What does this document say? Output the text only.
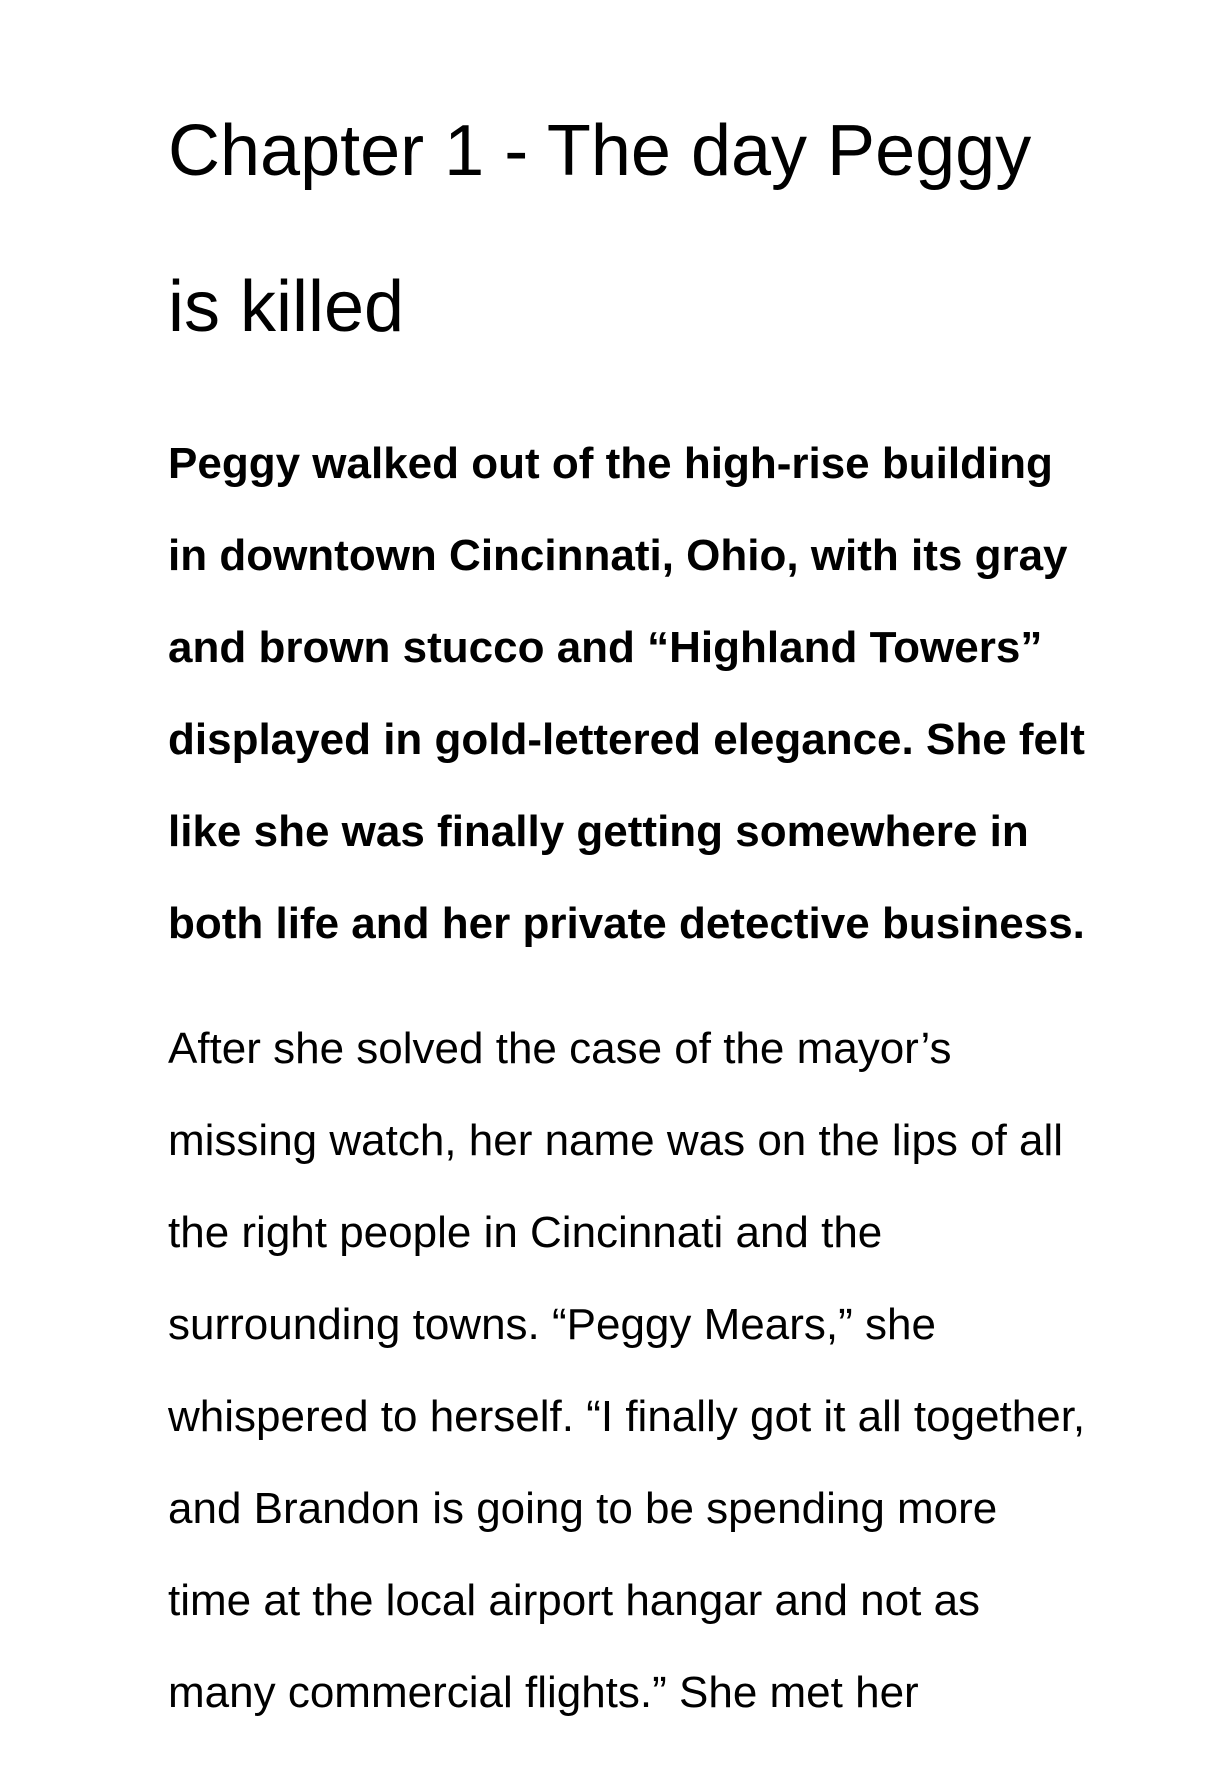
Chapter 1 - The day Peggy
is killed

Peggy walked out of the high-rise building
in downtown Cincinnati, Ohio, with its gray
and brown stucco and “Highland Towers”
displayed in gold-lettered elegance. She felt
like she was finally getting somewhere in
both life and her private detective business.

After she solved the case of the mayor’s
missing watch, her name was on the lips of all
the right people in Cincinnati and the
surrounding towns. “Peggy Mears,” she
whispered to herself. “I finally got it all together,
and Brandon is going to be spending more
time at the local airport hangar and not as
many commercial flights.” She met her
